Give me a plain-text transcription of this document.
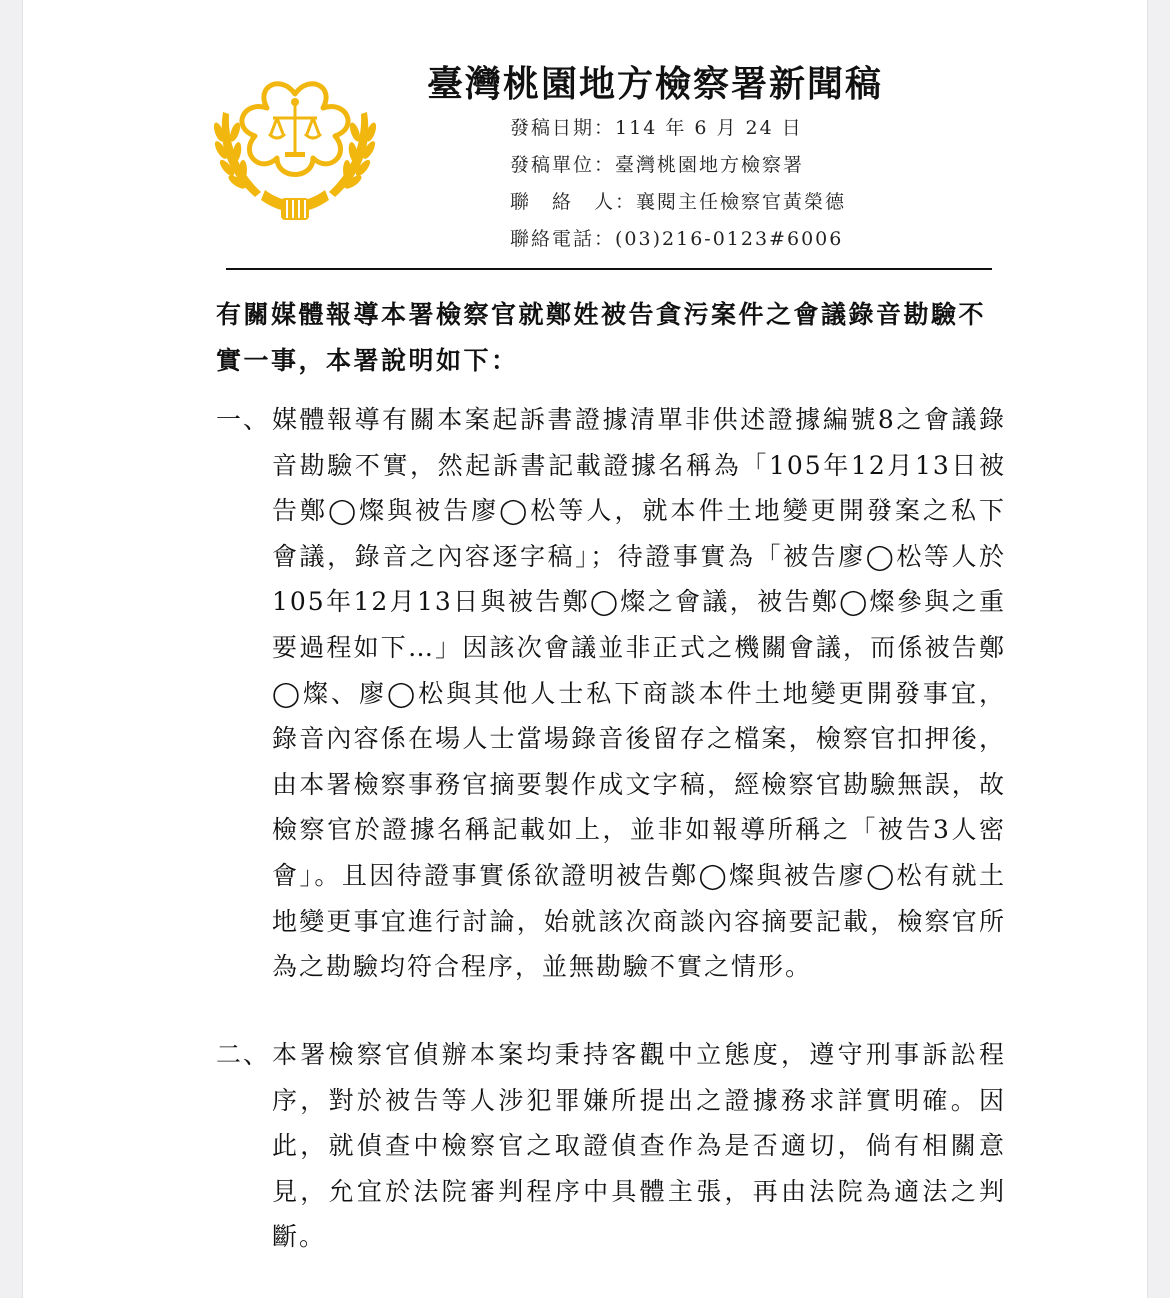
臺灣桃園地方檢察署新聞稿
發稿日期：114 年 6 月 24 日
發稿單位：臺灣桃園地方檢察署
聯　絡　人：襄閱主任檢察官黃榮德
聯絡電話：(03)216-0123#6006
有關媒體報導本署檢察官就鄭姓被告貪污案件之會議錄音勘驗不實一事，本署說明如下：
一、 媒體報導有關本案起訴書證據清單非供述證據編號8之會議錄音勘驗不實，然起訴書記載證據名稱為「105年12月13日被告鄭◯燦與被告廖◯松等人，就本件土地變更開發案之私下會議，錄音之內容逐字稿」；待證事實為「被告廖◯松等人於105年12月13日與被告鄭◯燦之會議，被告鄭◯燦參與之重要過程如下…」因該次會議並非正式之機關會議，而係被告鄭◯燦、廖◯松與其他人士私下商談本件土地變更開發事宜，錄音內容係在場人士當場錄音後留存之檔案，檢察官扣押後，由本署檢察事務官摘要製作成文字稿，經檢察官勘驗無誤，故檢察官於證據名稱記載如上，並非如報導所稱之「被告3人密會」。且因待證事實係欲證明被告鄭◯燦與被告廖◯松有就土地變更事宜進行討論，始就該次商談內容摘要記載，檢察官所為之勘驗均符合程序，並無勘驗不實之情形。
二、 本署檢察官偵辦本案均秉持客觀中立態度，遵守刑事訴訟程序，對於被告等人涉犯罪嫌所提出之證據務求詳實明確。因此，就偵查中檢察官之取證偵查作為是否適切，倘有相關意見，允宜於法院審判程序中具體主張，再由法院為適法之判斷。
